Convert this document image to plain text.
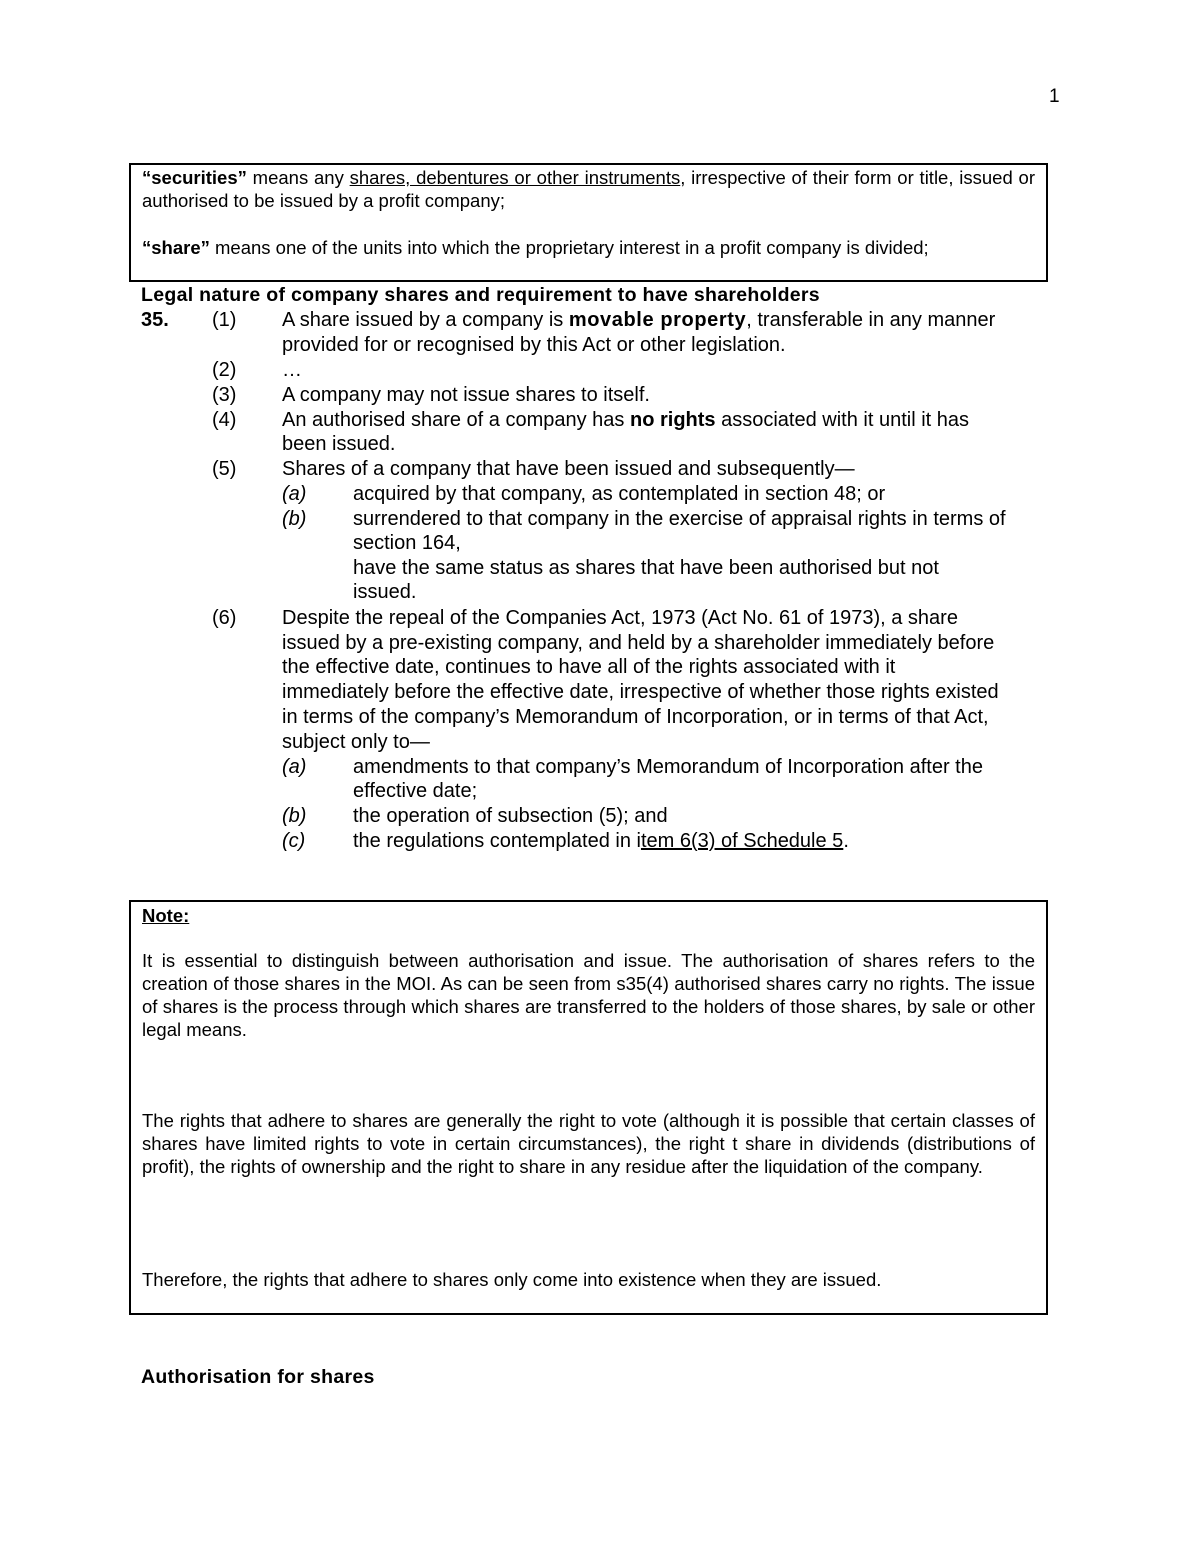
1
“securities” means any shares, debentures or other instruments, irrespective of their form or title, issued or authorised to be issued by a profit company;
“share” means one of the units into which the proprietary interest in a profit company is divided;
Legal nature of company shares and requirement to have shareholders
35. (1) A share issued by a company is movable property, transferable in any manner
provided for or recognised by this Act or other legislation.
(2) …
(3) A company may not issue shares to itself.
(4) An authorised share of a company has no rights associated with it until it has
been issued.
(5) Shares of a company that have been issued and subsequently—
(a) acquired by that company, as contemplated in section 48; or
(b) surrendered to that company in the exercise of appraisal rights in terms of
section 164,
have the same status as shares that have been authorised but not
issued.
(6) Despite the repeal of the Companies Act, 1973 (Act No. 61 of 1973), a share
issued by a pre-existing company, and held by a shareholder immediately before
the effective date, continues to have all of the rights associated with it
immediately before the effective date, irrespective of whether those rights existed
in terms of the company’s Memorandum of Incorporation, or in terms of that Act,
subject only to—
(a) amendments to that company’s Memorandum of Incorporation after the
effective date;
(b) the operation of subsection (5); and
(c) the regulations contemplated in item 6(3) of Schedule 5.
Note:
It is essential to distinguish between authorisation and issue. The authorisation of shares refers to the creation of those shares in the MOI. As can be seen from s35(4) authorised shares carry no rights. The issue of shares is the process through which shares are transferred to the holders of those shares, by sale or other legal means.
The rights that adhere to shares are generally the right to vote (although it is possible that certain classes of shares have limited rights to vote in certain circumstances), the right t share in dividends (distributions of profit), the rights of ownership and the right to share in any residue after the liquidation of the company.
Therefore, the rights that adhere to shares only come into existence when they are issued.
Authorisation for shares
